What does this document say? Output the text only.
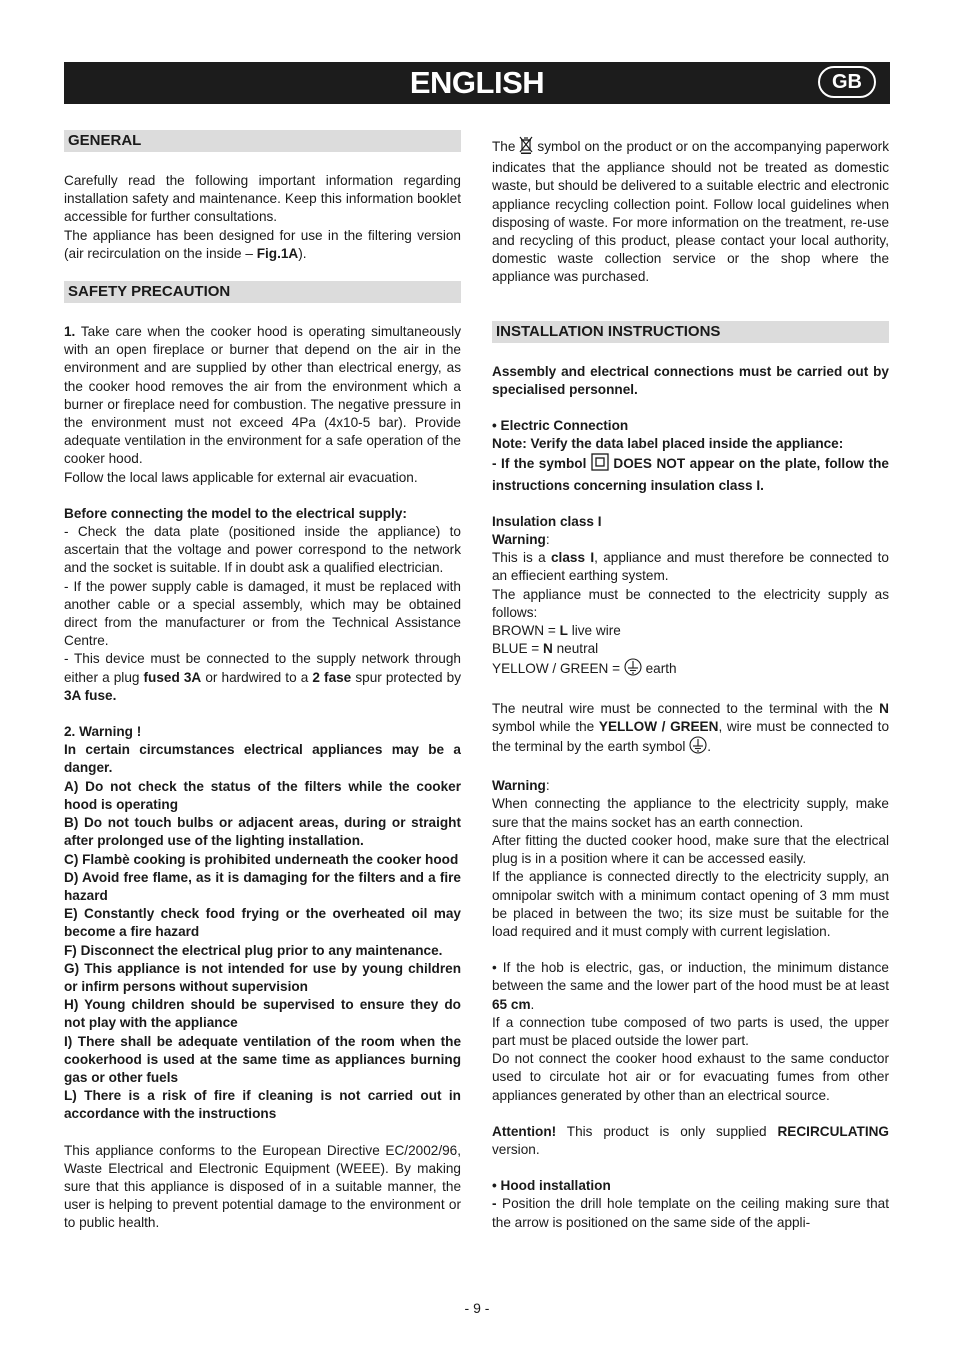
ENGLISH	GB
GENERAL

Carefully read the following important information regarding installation safety and maintenance. Keep this information booklet accessible for further consultations.

The appliance has been designed for use in the filtering version (air recirculation on the inside – Fig.1A).

SAFETY PRECAUTION

1. Take care when the cooker hood is operating simultaneously with an open fireplace or burner that depend on the air in the environment and are supplied by other than electrical energy, as the cooker hood removes the air from the environment which a burner or fireplace need for combustion. The negative pressure in the environment must not exceed 4Pa (4x10-5 bar). Provide adequate ventilation in the environment for a safe operation of the cooker hood.

Follow the local laws applicable for external air evacuation.

Before connecting the model to the electrical supply:

- Check the data plate (positioned inside the appliance) to ascertain that the voltage and power correspond to the network and the socket is suitable. If in doubt ask a qualified electrician.

- If the power supply cable is damaged, it must be replaced with another cable or a special assembly, which may be obtained direct from the manufacturer or from the Technical Assistance Centre.

- This device must be connected to the supply network through either a plug fused 3A or hardwired to a 2 fase spur protected by 3A fuse.

2. Warning !

In certain circumstances electrical appliances may be a danger.

A) Do not check the status of the filters while the cooker hood is operating

B) Do not touch bulbs or adjacent areas, during or straight after prolonged use of the lighting installation.

C) Flambè cooking is prohibited underneath the cooker hood

D) Avoid free flame, as it is damaging for the filters and a fire hazard

E) Constantly check food frying or the overheated oil may become a fire hazard

F) Disconnect the electrical plug prior to any maintenance.

G) This appliance is not intended for use by young children or infirm persons without supervision

H) Young children should be supervised to ensure they do not play with the appliance

I) There shall be adequate ventilation of the room when the cookerhood is used at the same time as appliances burning gas or other fuels

L) There is a risk of fire if cleaning is not carried out in accordance with the instructions

This appliance conforms to the European Directive EC/2002/96, Waste Electrical and Electronic Equipment (WEEE). By making sure that this appliance is disposed of in a suitable manner, the user is helping to prevent potential damage to the environment or to public health.

The  symbol on the product or on the accompanying paperwork indicates that the appliance should not be treated as domestic waste, but should be delivered to a suitable electric and electronic appliance recycling collection point. Follow local guidelines when disposing of waste. For more information on the treatment, re-use and recycling of this product, please contact your local authority, domestic waste collection service or the shop where the appliance was purchased.

INSTALLATION INSTRUCTIONS

Assembly and electrical connections must be carried out by specialised personnel.

• Electric Connection

Note: Verify the data label placed inside the appliance:

- If the symbol  DOES NOT appear on the plate, follow the instructions concerning insulation class I.

Insulation class I

Warning:

This is a class I, appliance and must therefore be connected to an effiecient earthing system.

The appliance must be connected to the electricity supply as follows:

BROWN = L live wire

BLUE = N neutral

YELLOW / GREEN =  earth

The neutral wire must be connected to the terminal with the N symbol while the YELLOW / GREEN, wire must be connected to the terminal by the earth symbol .

Warning:

When connecting the appliance to the electricity supply, make sure that the mains socket has an earth connection.

After fitting the ducted cooker hood, make sure that the electrical plug is in a position where it can be accessed easily.

If the appliance is connected directly to the electricity supply, an omnipolar switch with a minimum contact opening of 3 mm must be placed in between the two; its size must be suitable for the load required and it must comply with current legislation.

• If the hob is electric, gas, or induction, the minimum distance between the same and the lower part of the hood must be at least 65 cm.

If a connection tube composed of two parts is used, the upper part must be placed outside the lower part.

Do not connect the cooker hood exhaust to the same conductor used to circulate hot air or for evacuating fumes from other appliances generated by other than an electrical source.

Attention! This product is only supplied RECIRCULATING version.

• Hood installation

- Position the drill hole template on the ceiling making sure that the arrow is positioned on the same side of the appli-

- 9 -
